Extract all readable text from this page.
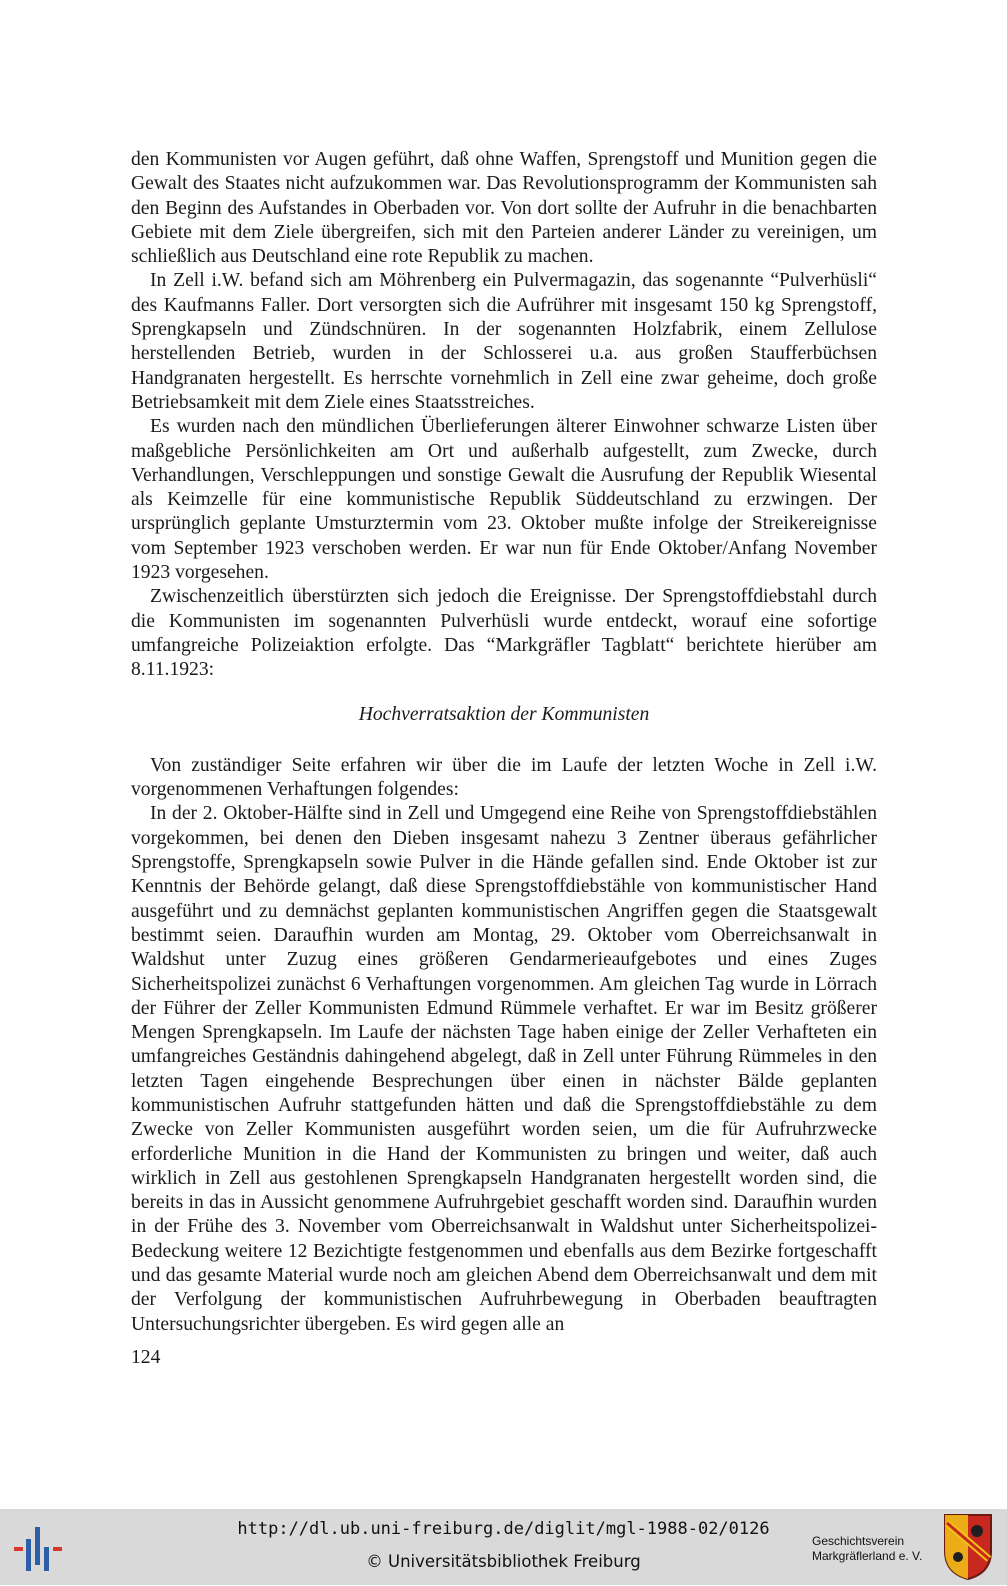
den Kommunisten vor Augen geführt, daß ohne Waffen, Sprengstoff und Munition gegen die Gewalt des Staates nicht aufzukommen war. Das Revolutionsprogramm der Kommunisten sah den Beginn des Aufstandes in Oberbaden vor. Von dort sollte der Aufruhr in die benachbarten Gebiete mit dem Ziele übergreifen, sich mit den Parteien anderer Länder zu vereinigen, um schließlich aus Deutschland eine rote Republik zu machen.

In Zell i.W. befand sich am Möhrenberg ein Pulvermagazin, das sogenannte “Pulverhüsli“ des Kaufmanns Faller. Dort versorgten sich die Aufrührer mit insgesamt 150 kg Sprengstoff, Sprengkapseln und Zündschnüren. In der sogenannten Holzfabrik, einem Zellulose herstellenden Betrieb, wurden in der Schlosserei u.a. aus großen Staufferbüchsen Handgranaten hergestellt. Es herrschte vornehmlich in Zell eine zwar geheime, doch große Betriebsamkeit mit dem Ziele eines Staatsstreiches.

Es wurden nach den mündlichen Überlieferungen älterer Einwohner schwarze Listen über maßgebliche Persönlichkeiten am Ort und außerhalb aufgestellt, zum Zwecke, durch Verhandlungen, Verschleppungen und sonstige Gewalt die Ausrufung der Republik Wiesental als Keimzelle für eine kommunistische Republik Süddeutschland zu erzwingen. Der ursprünglich geplante Umsturztermin vom 23. Oktober mußte infolge der Streikereignisse vom September 1923 verschoben werden. Er war nun für Ende Oktober/Anfang November 1923 vorgesehen.

Zwischenzeitlich überstürzten sich jedoch die Ereignisse. Der Sprengstoffdiebstahl durch die Kommunisten im sogenannten Pulverhüsli wurde entdeckt, worauf eine sofortige umfangreiche Polizeiaktion erfolgte. Das “Markgräfler Tagblatt“ berichtete hierüber am 8.11.1923:

Hochverratsaktion der Kommunisten

Von zuständiger Seite erfahren wir über die im Laufe der letzten Woche in Zell i.W. vorgenommenen Verhaftungen folgendes:

In der 2. Oktober-Hälfte sind in Zell und Umgegend eine Reihe von Sprengstoffdiebstählen vorgekommen, bei denen den Dieben insgesamt nahezu 3 Zentner überaus gefährlicher Sprengstoffe, Sprengkapseln sowie Pulver in die Hände gefallen sind. Ende Oktober ist zur Kenntnis der Behörde gelangt, daß diese Sprengstoffdiebstähle von kommunistischer Hand ausgeführt und zu demnächst geplanten kommunistischen Angriffen gegen die Staatsgewalt bestimmt seien. Daraufhin wurden am Montag, 29. Oktober vom Oberreichsanwalt in Waldshut unter Zuzug eines größeren Gendarmerieaufgebotes und eines Zuges Sicherheitspolizei zunächst 6 Verhaftungen vorgenommen. Am gleichen Tag wurde in Lörrach der Führer der Zeller Kommunisten Edmund Rümmele verhaftet. Er war im Besitz größerer Mengen Sprengkapseln. Im Laufe der nächsten Tage haben einige der Zeller Verhafteten ein umfangreiches Geständnis dahingehend abgelegt, daß in Zell unter Führung Rümmeles in den letzten Tagen eingehende Besprechungen über einen in nächster Bälde geplanten kommunistischen Aufruhr stattgefunden hätten und daß die Sprengstoffdiebstähle zu dem Zwecke von Zeller Kommunisten ausgeführt worden seien, um die für Aufruhrzwecke erforderliche Munition in die Hand der Kommunisten zu bringen und weiter, daß auch wirklich in Zell aus gestohlenen Sprengkapseln Handgranaten hergestellt worden sind, die bereits in das in Aussicht genommene Aufruhrgebiet geschafft worden sind. Daraufhin wurden in der Frühe des 3. November vom Oberreichsanwalt in Waldshut unter Sicherheitspolizei-Bedeckung weitere 12 Bezichtigte festgenommen und ebenfalls aus dem Bezirke fortgeschafft und das gesamte Material wurde noch am gleichen Abend dem Oberreichsanwalt und dem mit der Verfolgung der kommunistischen Aufruhrbewegung in Oberbaden beauftragten Untersuchungsrichter übergeben. Es wird gegen alle an

124
http://dl.ub.uni-freiburg.de/diglit/mgl-1988-02/0126
© Universitätsbibliothek Freiburg
Geschichtsverein
Markgräflerland e. V.
